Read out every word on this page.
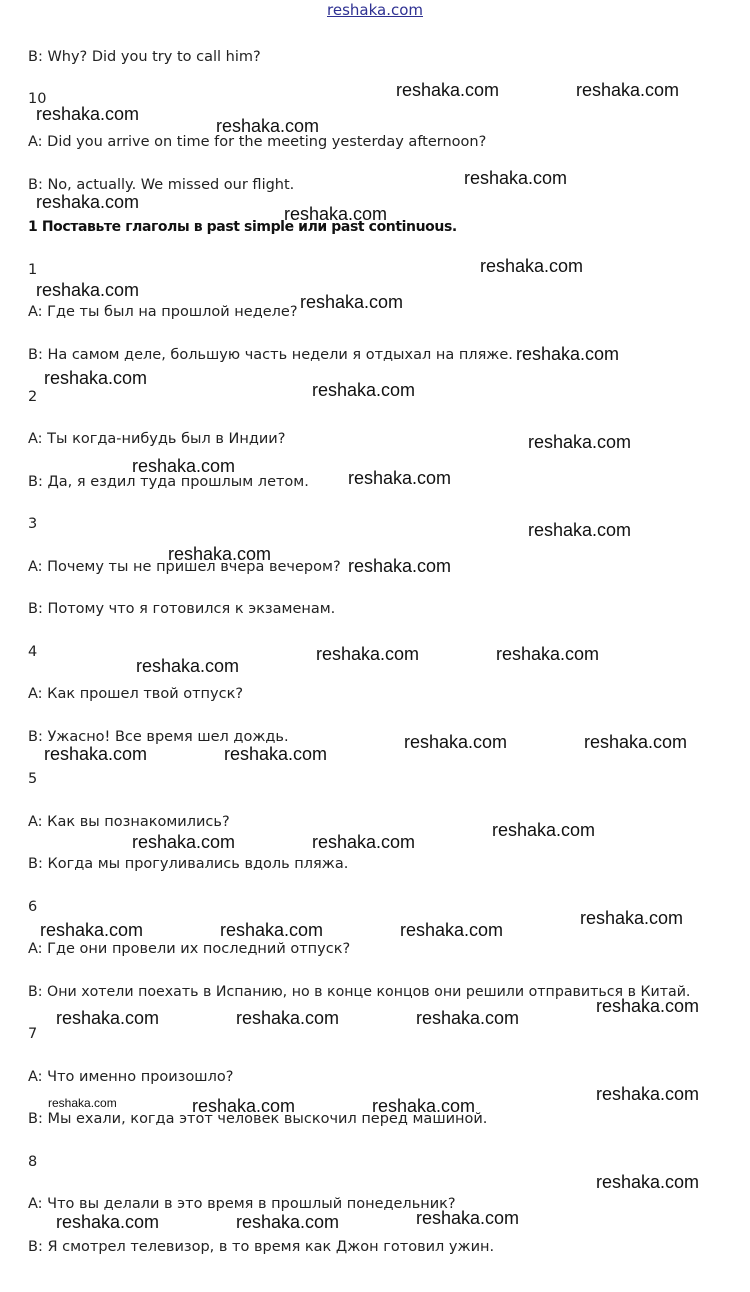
reshaka.com
B: Why? Did you try to call him?
10
A: Did you arrive on time for the meeting yesterday afternoon?
B: No, actually. We missed our flight.
1 Поставьте глаголы в past simple или past continuous.
1
A: Где ты был на прошлой неделе?
B: На самом деле, большую часть недели я отдыхал на пляже.
2
A: Ты когда-нибудь был в Индии?
B: Да, я ездил туда прошлым летом.
3
A: Почему ты не пришел вчера вечером?
B: Потому что я готовился к экзаменам.
4
A: Как прошел твой отпуск?
B: Ужасно! Все время шел дождь.
5
A: Как вы познакомились?
B: Когда мы прогуливались вдоль пляжа.
6
A: Где они провели их последний отпуск?
B: Они хотели поехать в Испанию, но в конце концов они решили отправиться в Китай.
7
A: Что именно произошло?
B: Мы ехали, когда этот человек выскочил перед машиной.
8
A: Что вы делали в это время в прошлый понедельник?
B: Я смотрел телевизор, в то время как Джон готовил ужин.
reshaka.com	reshaka.com
reshaka.com
reshaka.com
reshaka.com
reshaka.com
reshaka.com
reshaka.com
reshaka.com
reshaka.com
reshaka.com
reshaka.com
reshaka.com
reshaka.com
reshaka.com
reshaka.com
reshaka.com
reshaka.com
reshaka.com
reshaka.com	reshaka.com
reshaka.com
reshaka.com	reshaka.com
reshaka.com	reshaka.com
reshaka.com
reshaka.com	reshaka.com
reshaka.com
reshaka.com	reshaka.com	reshaka.com
reshaka.com
reshaka.com	reshaka.com	reshaka.com
reshaka.com
reshaka.com	reshaka.com	reshaka.com
reshaka.com
reshaka.com
reshaka.com	reshaka.com
